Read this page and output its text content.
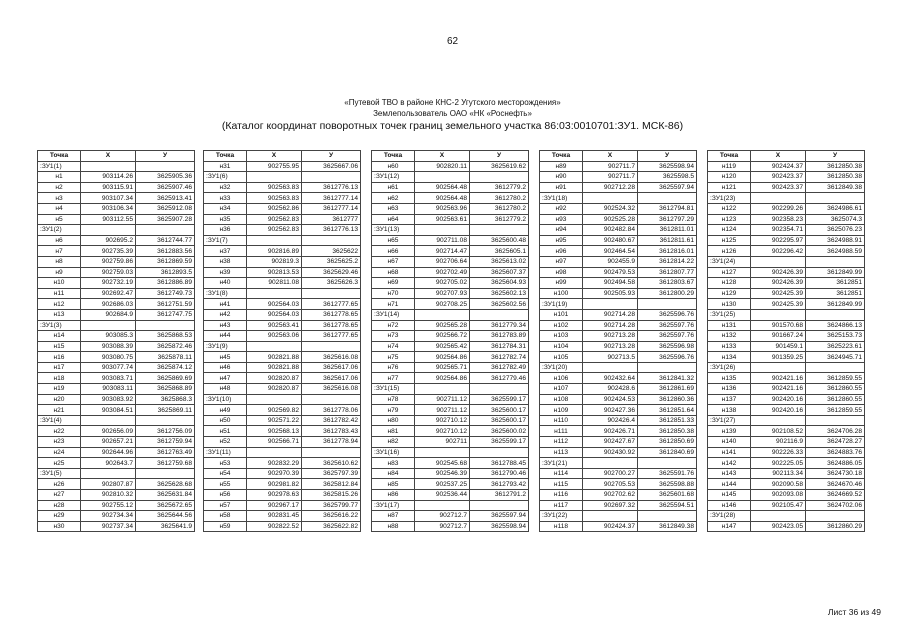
62
«Путевой ТВО в районе КНС-2 Угутского месторождения»
Землепользователь ОАО «НК «Роснефть»
(Каталог координат поворотных точек границ земельного участка 86:03:0010701:ЗУ1. МСК-86)
Точка	X	У
:ЗУ1(1)		
н1	903114.26	3625905.36
н2	903115.91	3625907.46
н3	903107.34	3625913.41
н4	903106.34	3625912.08
н5	903112.55	3625907.28
:ЗУ1(2)		
н6	902695.2	3612744.77
н7	902735.39	3612883.56
н8	902759.86	3612869.59
н9	902759.03	3612893.5
н10	902732.19	3612886.89
н11	902692.47	3612749.73
н12	902686.03	3612751.59
н13	902684.9	3612747.75
:ЗУ1(3)		
н14	903085.3	3625868.53
н15	903088.39	3625872.46
н16	903080.75	3625878.11
н17	903077.74	3625874.12
н18	903083.71	3625869.69
н19	903083.11	3625868.89
н20	903083.92	3625868.3
н21	903084.51	3625869.11
:ЗУ1(4)		
н22	902656.09	3612756.09
н23	902657.21	3612759.94
н24	902644.96	3612763.49
н25	902643.7	3612759.68
:ЗУ1(5)		
н26	902807.87	3625628.68
н27	902810.32	3625631.84
н28	902755.12	3625672.65
н29	902734.34	3625644.56
н30	902737.34	3625641.9
Точка	X	У
н31	902755.95	3625667.06
:ЗУ1(6)		
н32	902563.83	3612776.13
н33	902563.83	3612777.14
н34	902562.86	3612777.14
н35	902562.83	3612777
н36	902562.83	3612776.13
:ЗУ1(7)		
н37	902816.89	3625622
н38	902819.3	3625625.2
н39	902813.53	3625629.46
н40	902811.08	3625626.3
:ЗУ1(8)		
н41	902564.03	3612777.65
н42	902564.03	3612778.65
н43	902563.41	3612778.65
н44	902563.06	3612777.65
:ЗУ1(9)		
н45	902821.88	3625616.08
н46	902821.88	3625617.06
н47	902820.87	3625617.06
н48	902820.87	3625616.08
:ЗУ1(10)		
н49	902569.82	3612778.06
н50	902571.22	3612782.42
н51	902568.13	3612783.43
н52	902566.71	3612778.94
:ЗУ1(11)		
н53	902832.29	3625610.62
н54	902970.39	3625797.39
н55	902981.82	3625812.84
н56	902978.63	3625815.26
н57	902967.17	3625799.77
н58	902831.45	3625616.22
н59	902822.52	3625622.82
Точка	X	У
н60	902820.11	3625619.62
:ЗУ1(12)		
н61	902564.48	3612779.2
н62	902564.48	3612780.2
н63	902563.96	3612780.2
н64	902563.61	3612779.2
:ЗУ1(13)		
н65	902711.08	3625600.48
н66	902714.47	3625605.1
н67	902706.64	3625613.02
н68	902702.49	3625607.37
н69	902705.02	3625604.93
н70	902707.93	3625602.13
н71	902708.25	3625602.56
:ЗУ1(14)		
н72	902565.28	3612779.34
н73	902566.72	3612783.89
н74	902565.42	3612784.31
н75	902564.86	3612782.74
н76	902565.71	3612782.49
н77	902564.86	3612779.46
:ЗУ1(15)		
н78	902711.12	3625599.17
н79	902711.12	3625600.17
н80	902710.12	3625600.17
н81	902710.12	3625600.02
н82	902711	3625599.17
:ЗУ1(16)		
н83	902545.68	3612788.45
н84	902546.39	3612790.46
н85	902537.25	3612793.42
н86	902536.44	3612791.2
:ЗУ1(17)		
н87	902712.7	3625597.94
н88	902712.7	3625598.94
Точка	X	У
н89	902711.7	3625598.94
н90	902711.7	3625598.5
н91	902712.28	3625597.94
:ЗУ1(18)		
н92	902524.32	3612794.81
н93	902525.28	3612797.29
н94	902482.84	3612811.01
н95	902480.67	3612811.61
н96	902464.54	3612816.01
н97	902455.9	3612814.22
н98	902479.53	3612807.77
н99	902494.58	3612803.67
н100	902505.93	3612800.29
:ЗУ1(19)		
н101	902714.28	3625596.76
н102	902714.28	3625597.76
н103	902713.28	3625597.76
н104	902713.28	3625596.98
н105	902713.5	3625596.76
:ЗУ1(20)		
н106	902432.64	3612841.32
н107	902428.6	3612861.69
н108	902424.53	3612860.36
н109	902427.36	3612851.64
н110	902426.4	3612851.33
н111	902426.71	3612850.38
н112	902427.67	3612850.69
н113	902430.92	3612840.69
:ЗУ1(21)		
н114	902700.27	3625591.76
н115	902705.53	3625598.88
н116	902702.62	3625601.68
н117	902697.32	3625594.51
:ЗУ1(22)		
н118	902424.37	3612849.38
Точка	X	У
н119	902424.37	3612850.38
н120	902423.37	3612850.38
н121	902423.37	3612849.38
:ЗУ1(23)		
н122	902299.26	3624986.61
н123	902358.23	3625074.3
н124	902354.71	3625076.23
н125	902295.97	3624988.91
н126	902296.42	3624988.59
:ЗУ1(24)		
н127	902426.39	3612849.99
н128	902426.39	3612851
н129	902425.39	3612851
н130	902425.39	3612849.99
:ЗУ1(25)		
н131	901570.68	3624866.13
н132	901667.24	3625153.73
н133	901459.1	3625223.61
н134	901359.25	3624945.71
:ЗУ1(26)		
н135	902421.16	3612859.55
н136	902421.16	3612860.55
н137	902420.16	3612860.55
н138	902420.16	3612859.55
:ЗУ1(27)		
н139	902108.52	3624706.28
н140	902116.9	3624728.27
н141	902226.33	3624883.76
н142	902225.05	3624886.05
н143	902113.34	3624730.18
н144	902090.58	3624670.46
н145	902093.08	3624669.52
н146	902105.47	3624702.06
:ЗУ1(28)		
н147	902423.05	3612860.29
Лист 36 из 49
